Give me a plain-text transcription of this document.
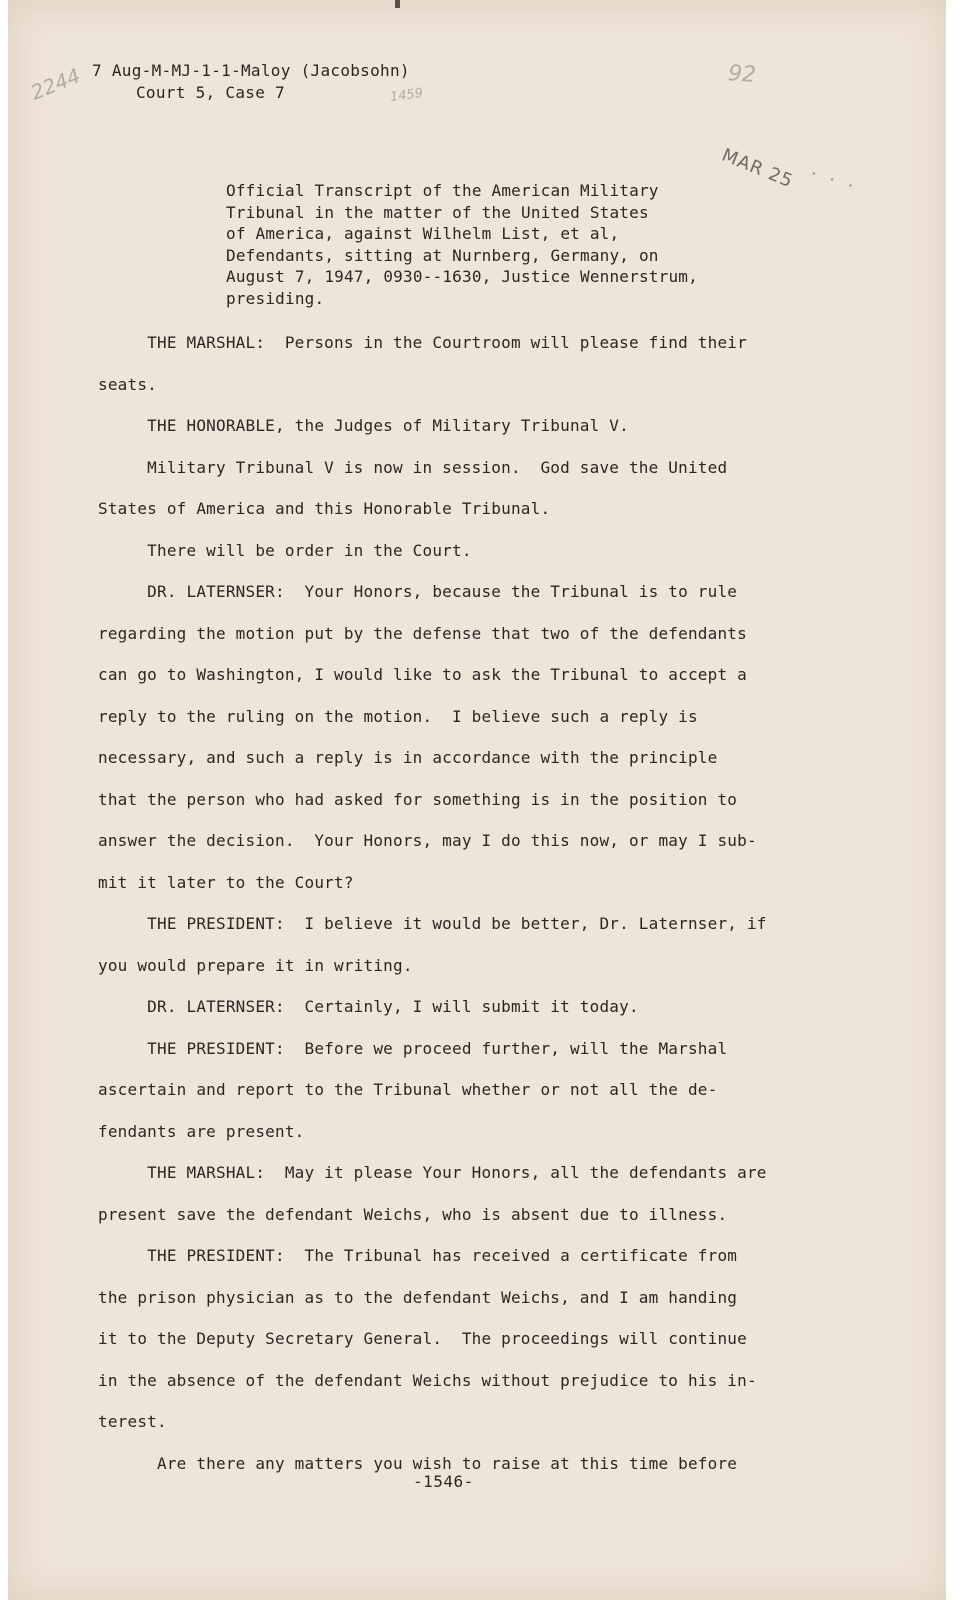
7 Aug-M-MJ-1-1-Maloy (Jacobsohn)
Court 5, Case 7
2244	1459
92
MAR 25 · · ·
Official Transcript of the American Military
Tribunal in the matter of the United States
of America, against Wilhelm List, et al,
Defendants, sitting at Nurnberg, Germany, on
August 7, 1947, 0930--1630, Justice Wennerstrum,
presiding.
THE MARSHAL:  Persons in the Courtroom will please find their
seats.
THE HONORABLE, the Judges of Military Tribunal V.
Military Tribunal V is now in session.  God save the United
States of America and this Honorable Tribunal.
There will be order in the Court.
DR. LATERNSER:  Your Honors, because the Tribunal is to rule
regarding the motion put by the defense that two of the defendants
can go to Washington, I would like to ask the Tribunal to accept a
reply to the ruling on the motion.  I believe such a reply is
necessary, and such a reply is in accordance with the principle
that the person who had asked for something is in the position to
answer the decision.  Your Honors, may I do this now, or may I sub-
mit it later to the Court?
THE PRESIDENT:  I believe it would be better, Dr. Laternser, if
you would prepare it in writing.
DR. LATERNSER:  Certainly, I will submit it today.
THE PRESIDENT:  Before we proceed further, will the Marshal
ascertain and report to the Tribunal whether or not all the de-
fendants are present.
THE MARSHAL:  May it please Your Honors, all the defendants are
present save the defendant Weichs, who is absent due to illness.
THE PRESIDENT:  The Tribunal has received a certificate from
the prison physician as to the defendant Weichs, and I am handing
it to the Deputy Secretary General.  The proceedings will continue
in the absence of the defendant Weichs without prejudice to his in-
terest.
Are there any matters you wish to raise at this time before
-1546-
